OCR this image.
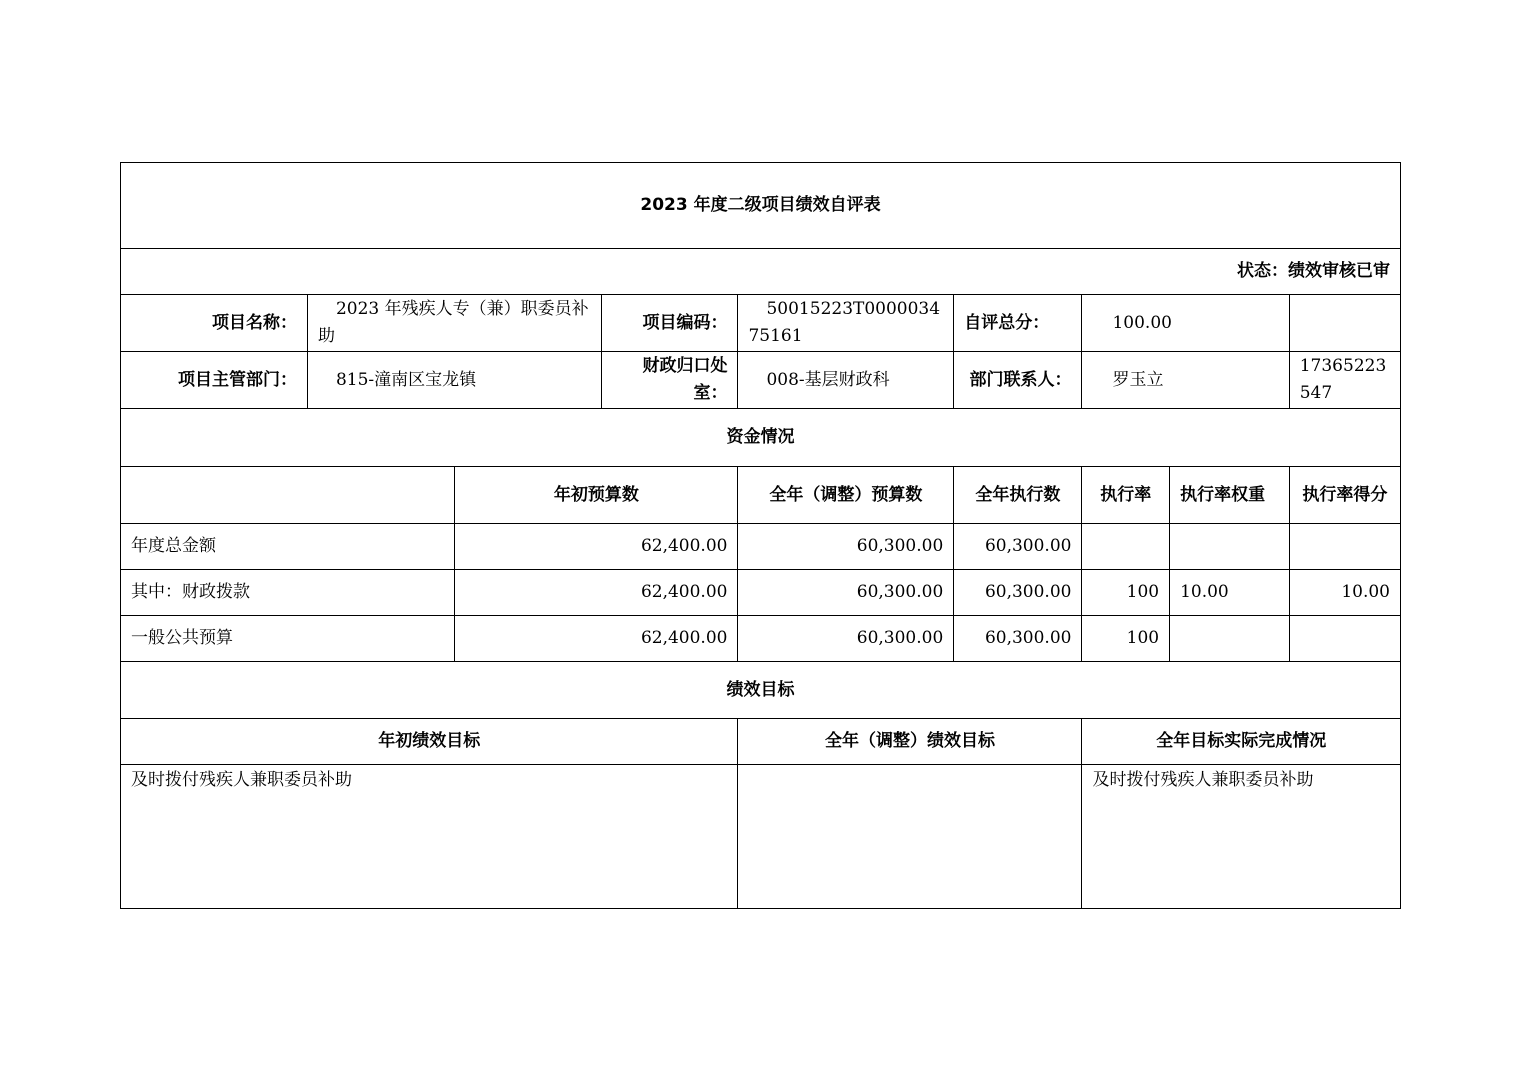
2023 年度二级项目绩效自评表								
状态：绩效审核已审								
项目名称：	2023 年残疾人专（兼）职委员补助		项目编码：	50015223T000003475161	自评总分：	100.00		
项目主管部门：	815-潼南区宝龙镇		财政归口处室：	008-基层财政科	部门联系人：	罗玉立		17365223547
资金情况								
		年初预算数		全年（调整）预算数	全年执行数	执行率	执行率权重	执行率得分
年度总金额		62,400.00		60,300.00	60,300.00			
其中：财政拨款		62,400.00		60,300.00	60,300.00	100	10.00	10.00
一般公共预算		62,400.00		60,300.00	60,300.00	100		
绩效目标								
年初绩效目标				全年（调整）绩效目标		全年目标实际完成情况		
及时拨付残疾人兼职委员补助						及时拨付残疾人兼职委员补助		
